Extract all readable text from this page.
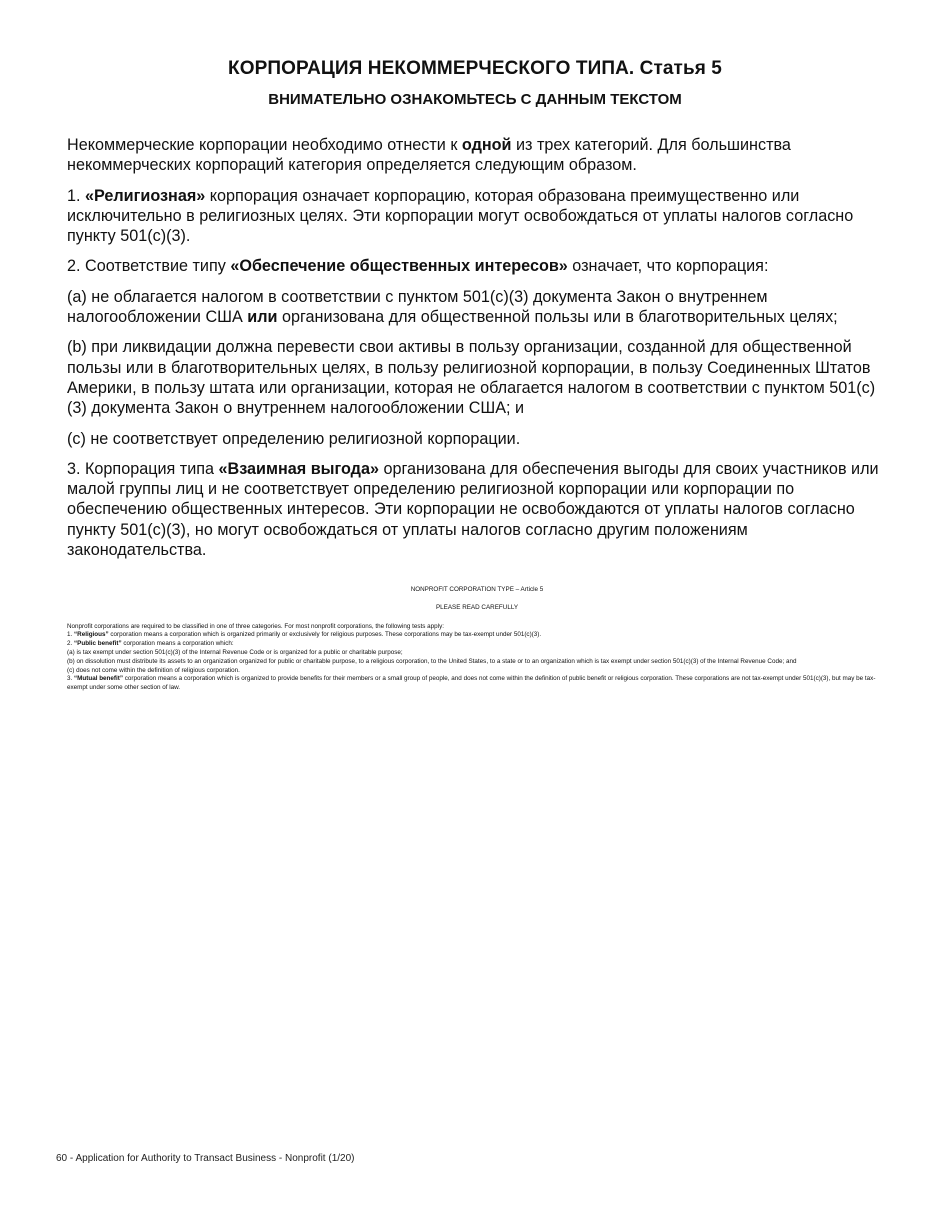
КОРПОРАЦИЯ НЕКОММЕРЧЕСКОГО ТИПА. Статья 5
ВНИМАТЕЛЬНО ОЗНАКОМЬТЕСЬ С ДАННЫМ ТЕКСТОМ

Некоммерческие корпорации необходимо отнести к одной из трех категорий. Для большинства некоммерческих корпораций категория определяется следующим образом.

1. «Религиозная» корпорация означает корпорацию, которая образована преимущественно или исключительно в религиозных целях. Эти корпорации могут освобождаться от уплаты налогов согласно пункту 501(c)(3).

2. Соответствие типу «Обеспечение общественных интересов» означает, что корпорация:

(a) не облагается налогом в соответствии с пунктом 501(c)(3) документа Закон о внутреннем налогообложении США или организована для общественной пользы или в благотворительных целях;

(b) при ликвидации должна перевести свои активы в пользу организации, созданной для общественной пользы или в благотворительных целях, в пользу религиозной корпорации, в пользу Соединенных Штатов Америки, в пользу штата или организации, которая не облагается налогом в соответствии с пунктом 501(c)(3) документа Закон о внутреннем налогообложении США; и

(c) не соответствует определению религиозной корпорации.

3. Корпорация типа «Взаимная выгода» организована для обеспечения выгоды для своих участников или малой группы лиц и не соответствует определению религиозной корпорации или корпорации по обеспечению общественных интересов. Эти корпорации не освобождаются от уплаты налогов согласно пункту 501(c)(3), но могут освобождаться от уплаты налогов согласно другим положениям законодательства.

NONPROFIT CORPORATION TYPE – Article 5

PLEASE READ CAREFULLY

Nonprofit corporations are required to be classified in one of three categories. For most nonprofit corporations, the following tests apply:

1. “Religious” corporation means a corporation which is organized primarily or exclusively for religious purposes. These corporations may be tax-exempt under 501(c)(3).

2. “Public benefit” corporation means a corporation which:

(a) is tax exempt under section 501(c)(3) of the Internal Revenue Code or is organized for a public or charitable purpose;

(b) on dissolution must distribute its assets to an organization organized for public or charitable purpose, to a religious corporation, to the United States, to a state or to an organization which is tax exempt under section 501(c)(3) of the Internal Revenue Code; and

(c) does not come within the definition of religious corporation.

3. “Mutual benefit” corporation means a corporation which is organized to provide benefits for their members or a small group of people, and does not come within the definition of public benefit or religious corporation. These corporations are not tax-exempt under 501(c)(3), but may be tax-exempt under some other section of law.

60 - Application for Authority to Transact Business - Nonprofit (1/20)
